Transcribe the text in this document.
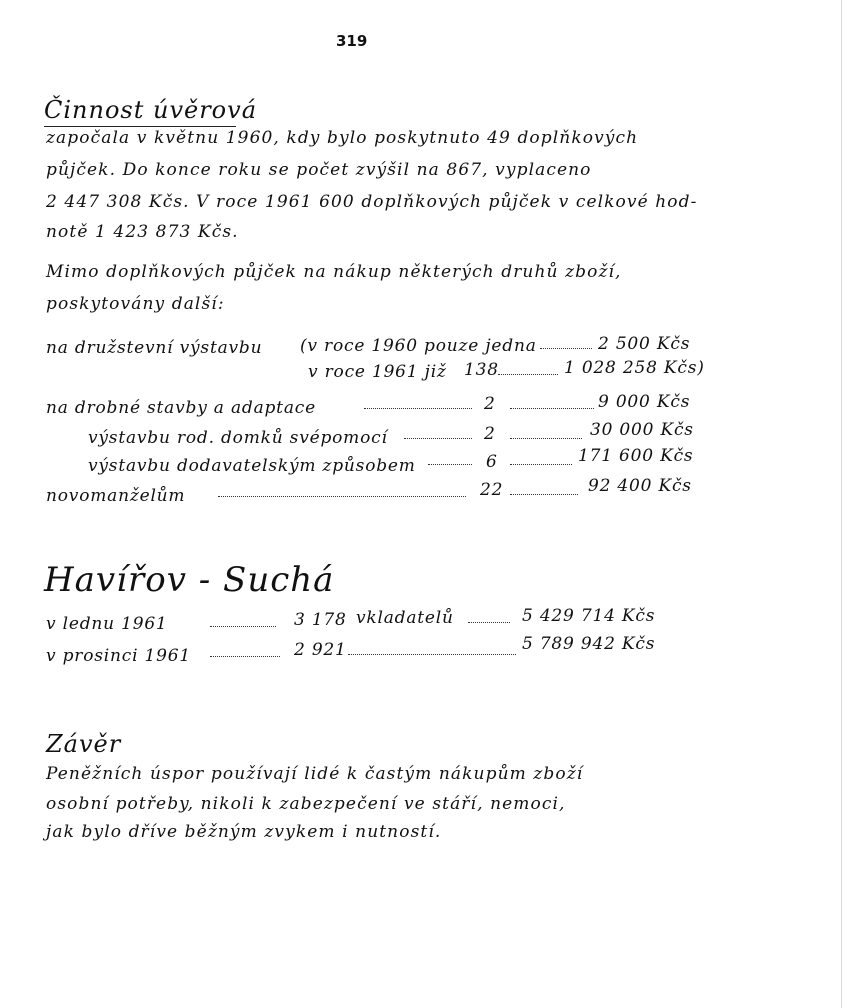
319
Činnost úvěrová
započala v květnu 1960, kdy bylo poskytnuto 49 doplňkových
půjček. Do konce roku se počet zvýšil na 867, vyplaceno
2 447 308 Kčs. V roce 1961 600 doplňkových půjček v celkové hod-
notě 1 423 873 Kčs.
Mimo doplňkových půjček na nákup některých druhů zboží,
poskytovány další:
na družstevní výstavbu (v roce 1960 pouze jedna	2 500 Kčs
v roce 1961 již 138	1 028 258 Kčs)
na drobné stavby a adaptace	2	9 000 Kčs
výstavbu rod. domků svépomocí	2	30 000 Kčs
výstavbu dodavatelským způsobem	6	171 600 Kčs
novomanželům	22	92 400 Kčs
Havířov - Suchá
v lednu 1961	3 178 vkladatelů	5 429 714 Kčs
v prosinci 1961	2 921	5 789 942 Kčs
Závěr
Peněžních úspor používají lidé k častým nákupům zboží
osobní potřeby, nikoli k zabezpečení ve stáří, nemoci,
jak bylo dříve běžným zvykem i nutností.
